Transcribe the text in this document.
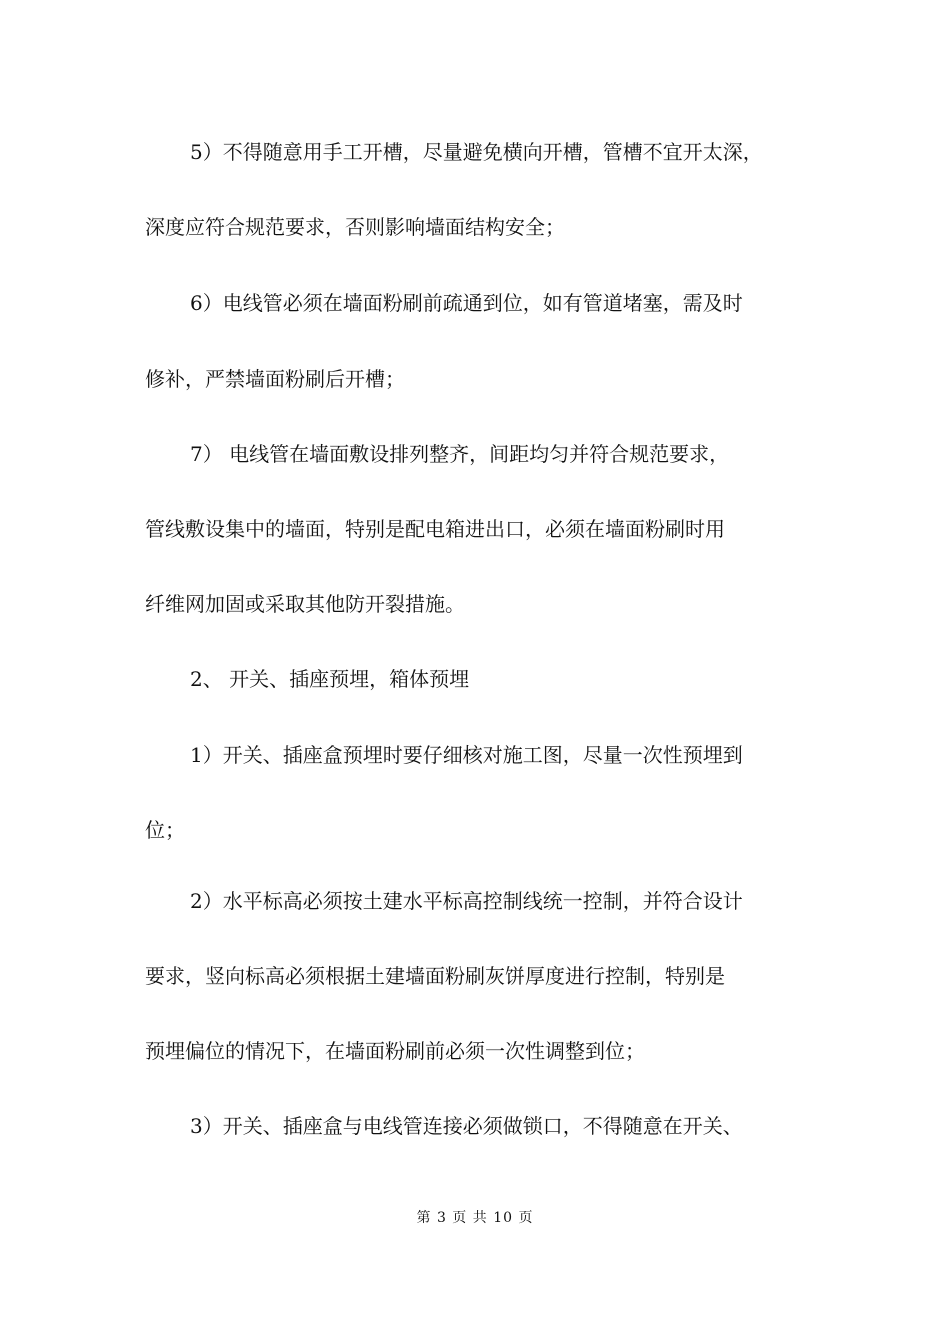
5）不得随意用手工开槽，尽量避免横向开槽，管槽不宜开太深，
深度应符合规范要求，否则影响墙面结构安全；
6）电线管必须在墙面粉刷前疏通到位，如有管道堵塞，需及时
修补，严禁墙面粉刷后开槽；
7） 电线管在墙面敷设排列整齐，间距均匀并符合规范要求，
管线敷设集中的墙面，特别是配电箱进出口，必须在墙面粉刷时用
纤维网加固或采取其他防开裂措施。
2、 开关、插座预埋，箱体预埋
1）开关、插座盒预埋时要仔细核对施工图，尽量一次性预埋到
位；
2）水平标高必须按土建水平标高控制线统一控制，并符合设计
要求，竖向标高必须根据土建墙面粉刷灰饼厚度进行控制，特别是
预埋偏位的情况下，在墙面粉刷前必须一次性调整到位；
3）开关、插座盒与电线管连接必须做锁口，不得随意在开关、
第 3 页 共 10 页
